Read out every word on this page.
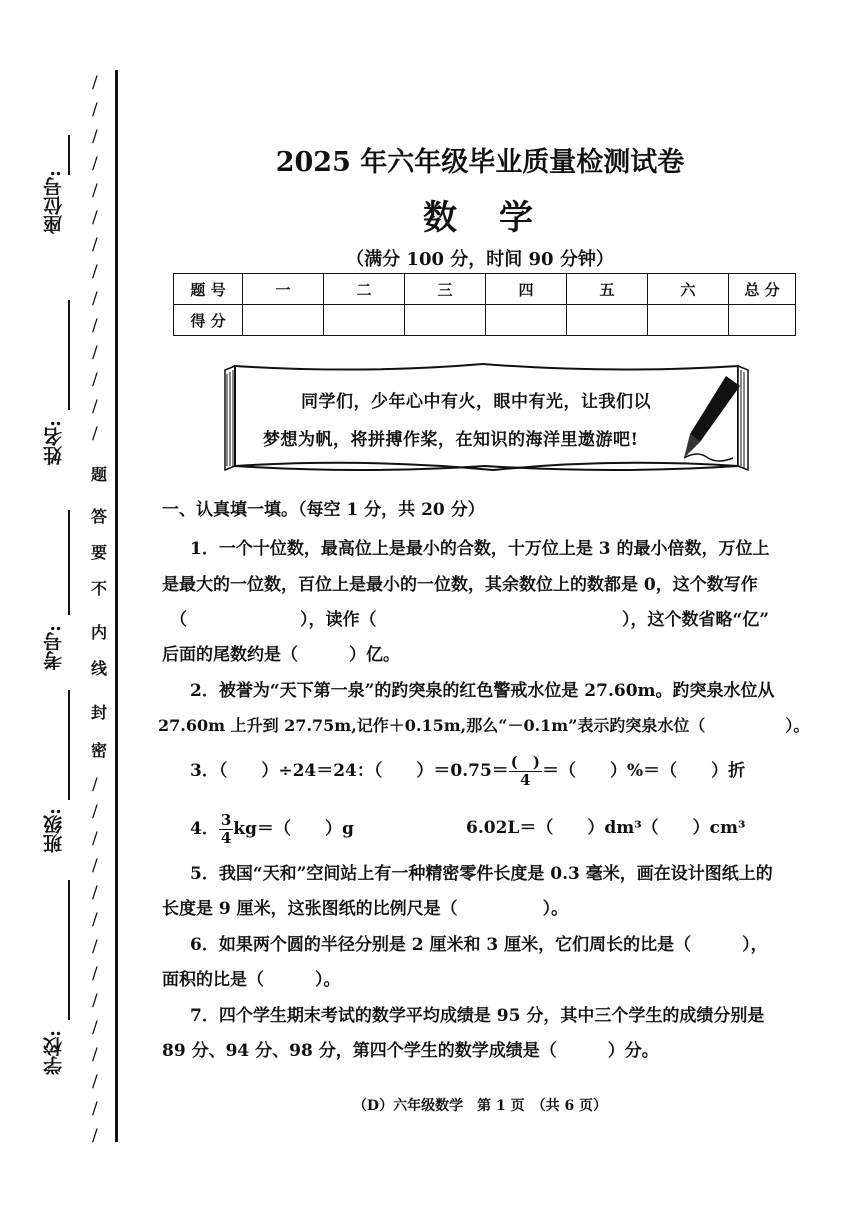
座位号:
姓名:
考号:
班级:
学校:
/
/
/
/
/
/
/
/
/
/
/
/
/
/
/
/
/
/
/
/
/
/
/
/
/
/
/
/
题
答
要
不
内
线
封
密
2025 年六年级毕业质量检测试卷
数　学
（满分 100 分，时间 90 分钟）
题 号	一	二	三	四	五	六	总 分
得 分							
同学们，少年心中有火，眼中有光，让我们以
梦想为帆，将拼搏作桨，在知识的海洋里遨游吧!
一、认真填一填。（每空 1 分，共 20 分）
1．一个十位数，最高位上是最小的合数，十万位上是 3 的最小倍数，万位上
是最大的一位数，百位上是最小的一位数，其余数位上的数都是 0，这个数写作
（	），读作（	），这个数省略“亿”
后面的尾数约是（　　　）亿。
2．被誉为“天下第一泉”的趵突泉的红色警戒水位是 27.60m。趵突泉水位从
27.60m 上升到 27.75m,记作＋0.15m,那么“－0.1m”表示趵突泉水位（　　　　　）。
3．（　　）÷24＝24：（　　）$=0.75= \frac{( )}{4}$ ＝（　　）%＝（　　）折
4． $\frac{3}{4} kg=$（　　）g	6.02L＝（　　）dm³（　　）cm³
5．我国“天和”空间站上有一种精密零件长度是 0.3 毫米，画在设计图纸上的
长度是 9 厘米，这张图纸的比例尺是（　　　　　）。
6．如果两个圆的半径分别是 2 厘米和 3 厘米，它们周长的比是（　　　），
面积的比是（　　　）。
7．四个学生期末考试的数学平均成绩是 95 分，其中三个学生的成绩分别是
89 分、94 分、98 分，第四个学生的数学成绩是（　　　）分。
（D）六年级数学　第 1 页　（共 6 页）
